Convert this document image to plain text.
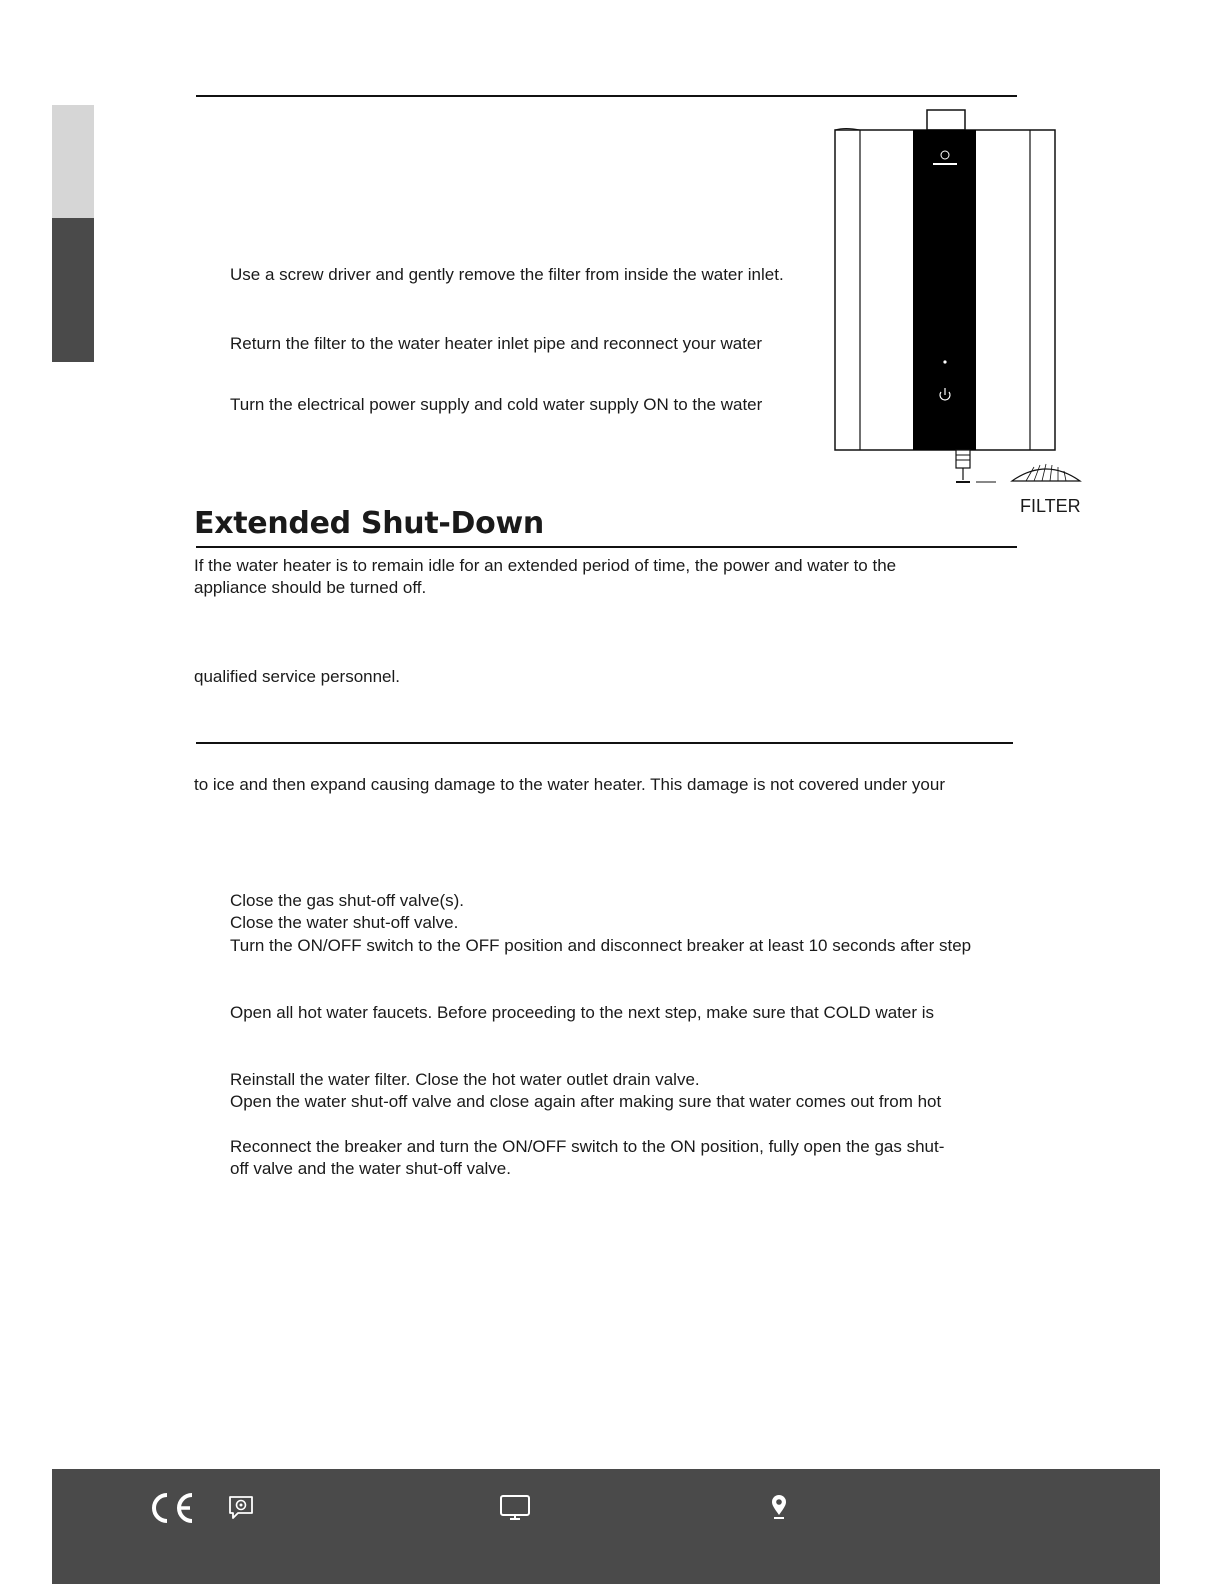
Use a screw driver and gently remove the filter from inside the water inlet.
Return the filter to the water heater inlet pipe and reconnect your water
Turn the electrical power supply and cold water supply ON to the water
FILTER
Extended Shut-Down
If the water heater is to remain idle for an extended period of time, the power and water to the
appliance should be turned off.
qualified service personnel.
to ice and then expand causing damage to the water heater. This damage is not covered under your
Close the gas shut-off valve(s).
Close the water shut-off valve.
Turn the ON/OFF switch to the OFF position and disconnect breaker at least 10 seconds after step
Open all hot water faucets. Before proceeding to the next step, make sure that COLD water is
Reinstall the water filter. Close the hot water outlet drain valve.
Open the water shut-off valve and close again after making sure that water comes out from hot
Reconnect the breaker and turn the ON/OFF switch to the ON position, fully open the gas shut-
off valve and the water shut-off valve.
